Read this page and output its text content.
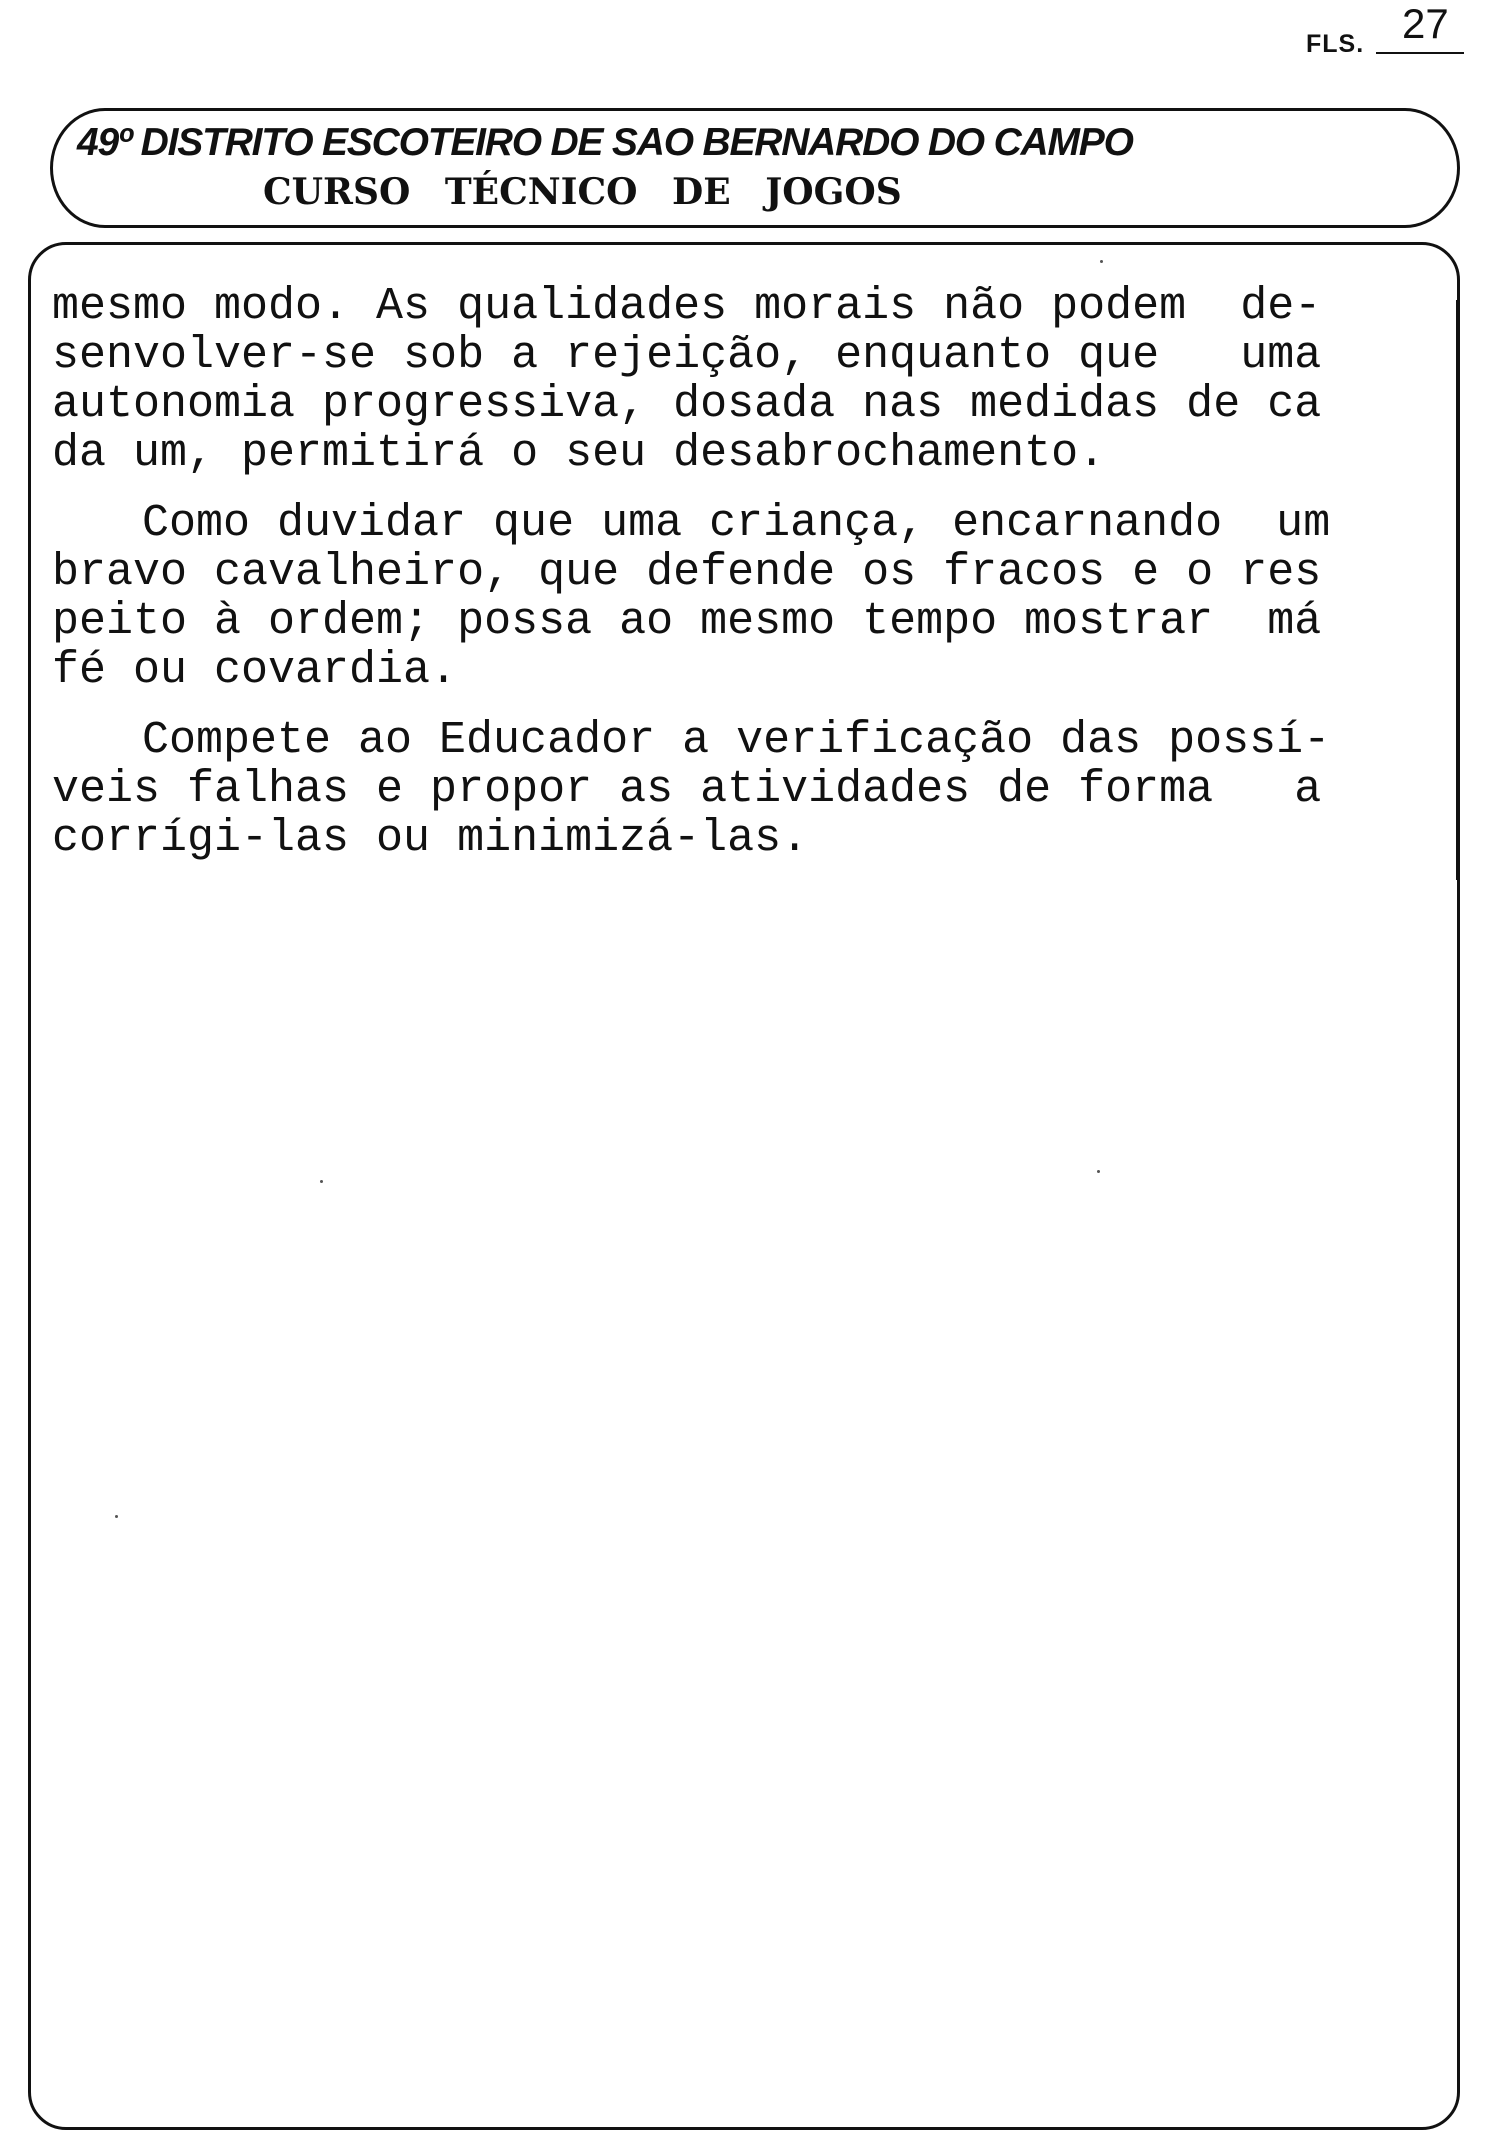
FLS. 27
49º DISTRITO ESCOTEIRO DE SAO BERNARDO DO CAMPO
CURSO TÉCNICO DE JOGOS
mesmo modo. As qualidades morais não podem  de-
senvolver-se sob a rejeição, enquanto que   uma
autonomia progressiva, dosada nas medidas de ca
da um, permitirá o seu desabrochamento.
Como duvidar que uma criança, encarnando  um
bravo cavalheiro, que defende os fracos e o res
peito à ordem; possa ao mesmo tempo mostrar  má
fé ou covardia.
Compete ao Educador a verificação das possí-
veis falhas e propor as atividades de forma   a
corrígi-las ou minimizá-las.
